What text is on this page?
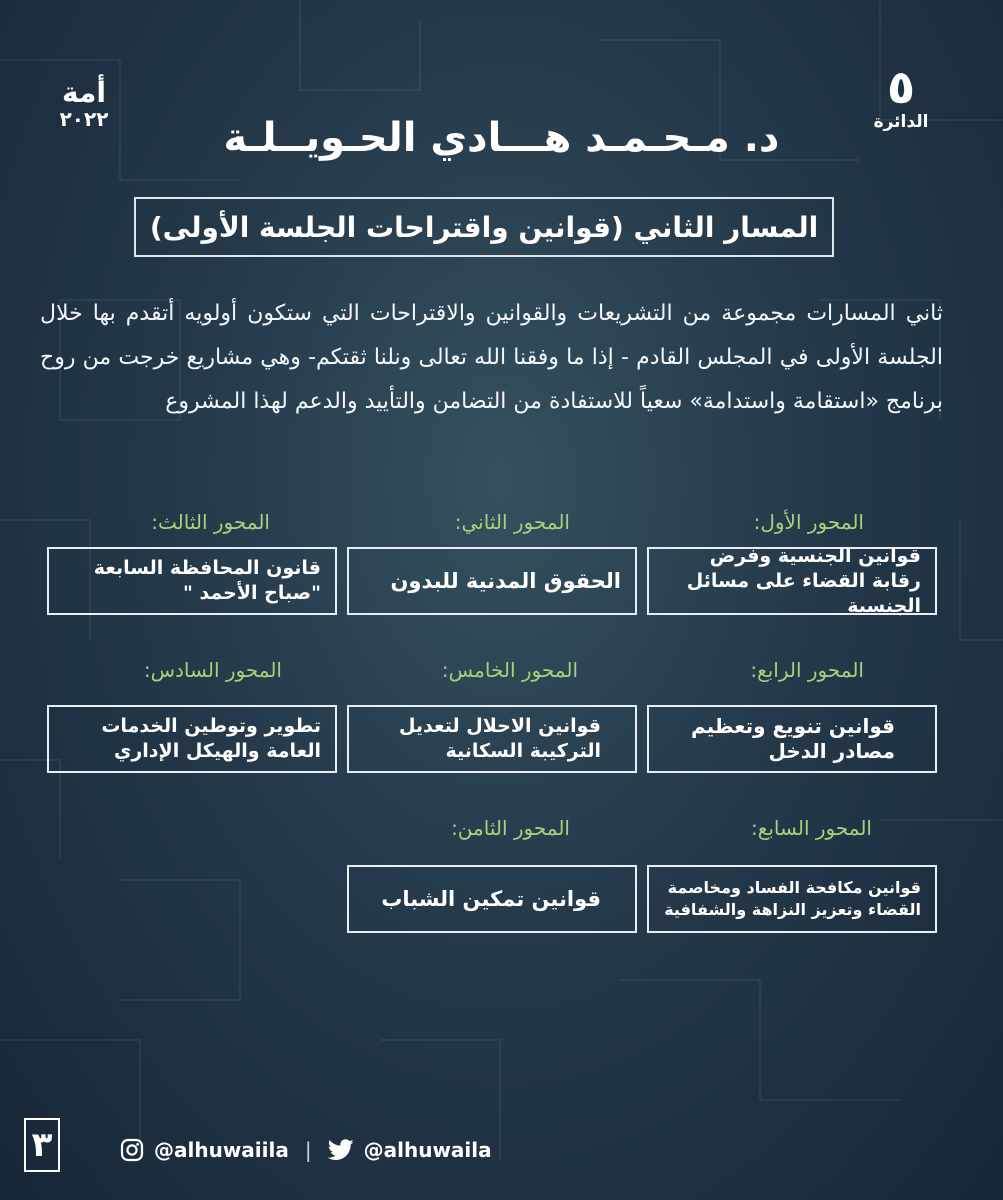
أمة
٢٠٢٢
٥
الدائرة
د. مـحـمـد هـــادي الحـويــلـة
المسار الثاني (قوانين واقتراحات الجلسة الأولى)
ثاني المسارات مجموعة من التشريعات والقوانين والاقتراحات التي ستكون أولويه أتقدم بها خلال الجلسة الأولى في المجلس القادم - إذا ما وفقنا الله تعالى ونلنا ثقتكم- وهي مشاريع خرجت من روح برنامج «استقامة واستدامة» سعياً للاستفادة من التضامن والتأييد والدعم لهذا المشروع
المحور الأول:
قوانين الجنسية وفرض رقابة القضاء على مسائل الجنسية
المحور الثاني:
الحقوق المدنية للبدون
المحور الثالث:
قانون المحافظة السابعة "صباح الأحمد "
المحور الرابع:
قوانين تنويع وتعظيم مصادر الدخل
المحور الخامس:
قوانين الاحلال لتعديل التركيبة السكانية
المحور السادس:
تطوير وتوطين الخدمات العامة والهيكل الإداري
المحور السابع:
قوانين مكافحة الفساد ومخاصمة القضاء وتعزيز النزاهة والشفافية
المحور الثامن:
قوانين تمكين الشباب
@alhuwaiila |	@alhuwaila
٣
